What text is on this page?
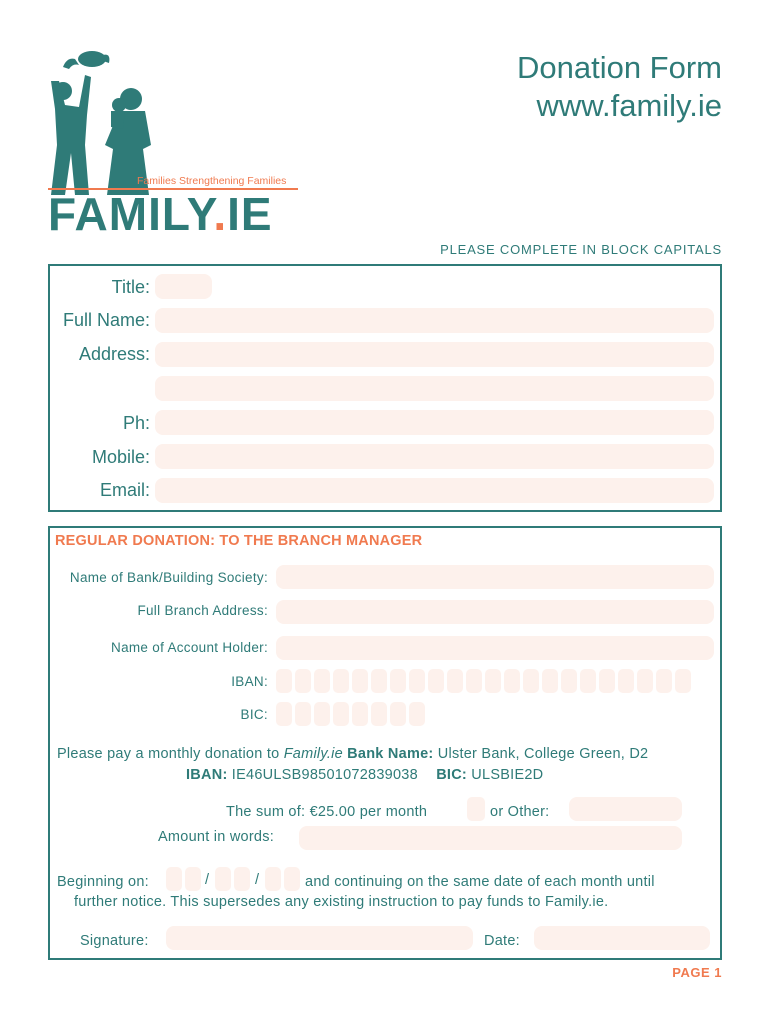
Families Strengthening Families
FAMILY.IE
Donation Form
www.family.ie
PLEASE COMPLETE IN BLOCK CAPITALS
Title:
Full Name:
Address:
Ph:
Mobile:
Email:
REGULAR DONATION: TO THE BRANCH MANAGER
Name of Bank/Building Society:
Full Branch Address:
Name of Account Holder:
IBAN:
BIC:
Please pay a monthly donation to Family.ie Bank Name: Ulster Bank, College Green, D2
IBAN: IE46ULSB98501072839038 BIC: ULSBIE2D
The sum of: €25.00 per month	or Other:
Amount in words:
Beginning on:	/	/	and continuing on the same date of each month until
further notice. This supersedes any existing instruction to pay funds to Family.ie.
Signature:	Date:
PAGE 1
